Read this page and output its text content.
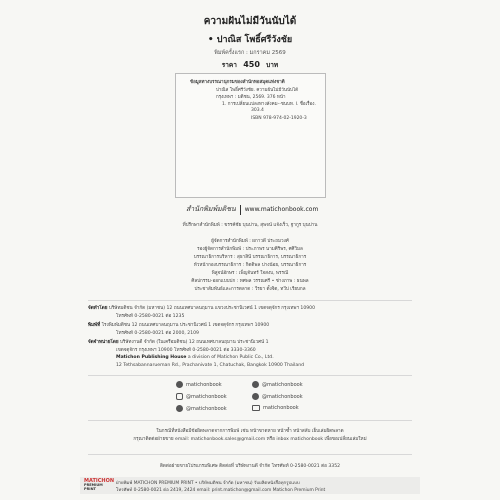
ความฝันไม่มีวันนับได้
• ปาณิส โพธิ์ศรีวังชัย
พิมพ์ครั้งแรก : มกราคม 2569
ราคา 450 บาท
ข้อมูลทางบรรณานุกรมของสำนักหอสมุดแห่งชาติ
ปาณิส โพธิ์ศรีวังชัย. ความฝันไม่มีวันนับได้
กรุงเทพฯ : มติชน, 2569. 376 หน้า
1. การเปลี่ยนแปลงทางสังคม--ชนบท. I. ชื่อเรื่อง.
303.4
ISBN 978-974-02-1920-3
สำนักพิมพ์มติชน www.matichonbook.com
ที่ปรึกษาสำนักพิมพ์ : ขรรค์ชัย บุนปาน, สุพจน์ แจ้งเร็ว, ฐากูร บุนปาน
ผู้จัดการสำนักพิมพ์ : ผกาวดี ประถมวงศ์
รองผู้จัดการสำนักพิมพ์ : ประภาพร นามศิริพร, ศศิวิมล
บรรณาธิการบริหาร : สุธาสินี บรรณาธิการ, บรรณาธิการ
หัวหน้ากองบรรณาธิการ : กิตติพล ปางน้อย, บรรณาธิการ
พิสูจน์อักษร : เพ็ญจันทร์ ใจสงบ, พรรณี
ศิลปกรรม-ออกแบบปก : ทศพล วรรณศรี • ช่างภาพ : ธนพล
ประชาสัมพันธ์และการตลาด : วีรยา ตั้งจิต, ทวีป เรียบกล
จัดทำโดย บริษัทมติชน จำกัด (มหาชน) 12 ถนนเทศบาลนฤมาน แขวงประชานิเวศน์ 1 เขตจตุจักร กรุงเทพฯ 10900
โทรศัพท์ 0-2580-0021 ต่อ 1235
พิมพ์ที่ โรงพิมพ์มติชน 12 ถนนเทศบาลนฤมาน ประชานิเวศน์ 1 เขตจตุจักร กรุงเทพฯ 10900
โทรศัพท์ 0-2580-0021 ต่อ 2000, 2109
จัดจำหน่ายโดย บริษัทงานดี จำกัด (ในเครือมติชน) 12 ถนนเทศบาลนฤมาน ประชานิเวศน์ 1
เขตจตุจักร กรุงเทพฯ 10900 โทรศัพท์ 0-2580-0021 ต่อ 3330-3360
Matichon Publishing House a division of Matichon Public Co., Ltd.
12 Tethsabannarueman Rd., Prachanivate 1, Chatuchak, Bangkok 10900 Thailand
matichonbook	@matichonbook
@matichonbook	@matichonbook
@matichonbook	matichonbook
ในกรณีที่หนังสือมีข้อผิดพลาดจากการพิมพ์ เช่น หน้าขาดหาย หน้าซ้ำ หน้าสลับ เย็บเล่มผิดพลาด
กรุณาติดต่อฝ่ายขาย email: matichonbook.sales@gmail.com หรือ inbox matichonbook เพื่อขอเปลี่ยนเล่มใหม่
ติดต่อฝ่ายขายโปรแกรมพิเศษ ติดต่อที่ บริษัทงานดี จำกัด โทรศัพท์ 0-2580-0021 ต่อ 3352
MATICHON
PREMIUM
PRINT
ฝ่ายพิมพ์ MATICHON PREMIUM PRINT • บริษัทมติชน จำกัด (มหาชน) รับผลิตหนังสือทุกรูปแบบ
โทรศัพท์ 0-2580-0021 ต่อ 2419, 2424 email: print.matichon@gmail.com Matichon Premium Print
